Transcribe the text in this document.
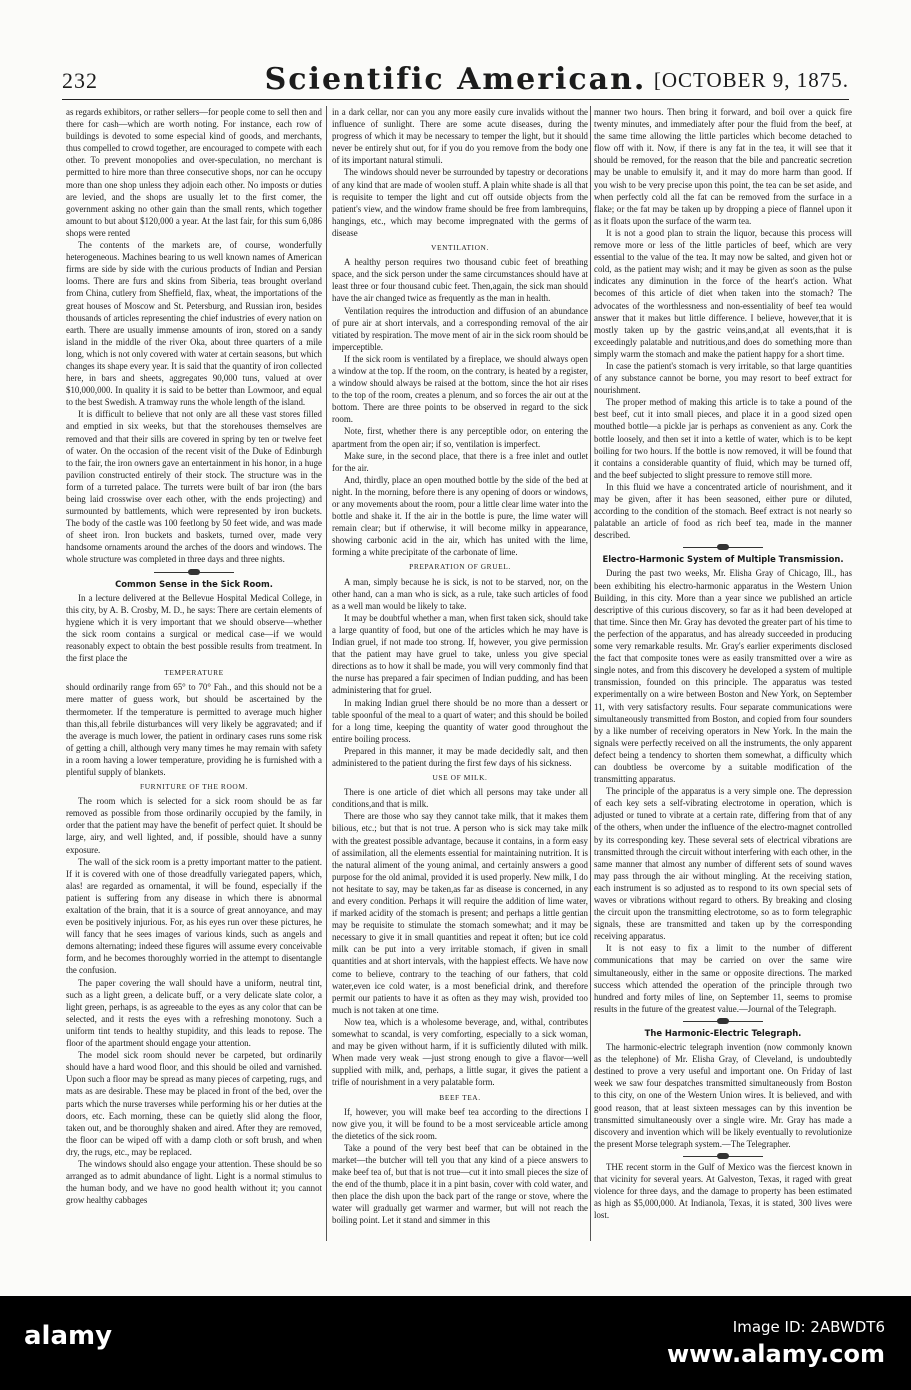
232	Scientific American. [OCTOBER 9, 1875.

as regards exhibitors, or rather sellers—for people come to sell then and there for cash—which are worth noting. For instance, each row of buildings is devoted to some especial kind of goods, and merchants, thus compelled to crowd together, are encouraged to compete with each other. To prevent monopolies and over-speculation, no merchant is permitted to hire more than three consecutive shops, nor can he occupy more than one shop unless they adjoin each other. No imposts or duties are levied, and the shops are usually let to the first comer, the government asking no other gain than the small rents, which together amount to but about $120,000 a year. At the last fair, for this sum 6,086 shops were rented

The contents of the markets are, of course, wonderfully heterogeneous. Machines bearing to us well known names of American firms are side by side with the curious products of Indian and Persian looms. There are furs and skins from Siberia, teas brought overland from China, cutlery from Sheffield, flax, wheat, the importations of the great houses of Moscow and St. Petersburg, and Russian iron, besides thousands of articles representing the chief industries of every nation on earth. There are usually immense amounts of iron, stored on a sandy island in the middle of the river Oka, about three quarters of a mile long, which is not only covered with water at certain seasons, but which changes its shape every year. It is said that the quantity of iron collected here, in bars and sheets, aggregates 90,000 tuns, valued at over $10,000,000. In quality it is said to be better than Lowmoor, and equal to the best Swedish. A tramway runs the whole length of the island.

It is difficult to believe that not only are all these vast stores filled and emptied in six weeks, but that the storehouses themselves are removed and that their sills are covered in spring by ten or twelve feet of water. On the occasion of the recent visit of the Duke of Edinburgh to the fair, the iron owners gave an entertainment in his honor, in a huge pavilion constructed entirely of their stock. The structure was in the form of a turreted palace. The turrets were built of bar iron (the bars being laid crosswise over each other, with the ends projecting) and surmounted by battlements, which were represented by iron buckets. The body of the castle was 100 feetlong by 50 feet wide, and was made of sheet iron. Iron buckets and baskets, turned over, made very handsome ornaments around the arches of the doors and windows. The whole structure was completed in three days and three nights.

Common Sense in the Sick Room.

In a lecture delivered at the Bellevue Hospital Medical College, in this city, by A. B. Crosby, M. D., he says: There are certain elements of hygiene which it is very important that we should observe—whether the sick room contains a surgical or medical case—if we would reasonably expect to obtain the best possible results from treatment. In the first place the

TEMPERATURE

should ordinarily range from 65° to 70° Fah., and this should not be a mere matter of guess work, but should be ascertained by the thermometer. If the temperature is permitted to average much higher than this,all febrile disturbances will very likely be aggravated; and if the average is much lower, the patient in ordinary cases runs some risk of getting a chill, although very many times he may remain with safety in a room having a lower temperature, providing he is furnished with a plentiful supply of blankets.

FURNITURE OF THE ROOM.

The room which is selected for a sick room should be as far removed as possible from those ordinarily occupied by the family, in order that the patient may have the benefit of perfect quiet. It should be large, airy, and well lighted, and, if possible, should have a sunny exposure.

The wall of the sick room is a pretty important matter to the patient. If it is covered with one of those dreadfully variegated papers, which, alas! are regarded as ornamental, it will be found, especially if the patient is suffering from any disease in which there is abnormal exaltation of the brain, that it is a source of great annoyance, and may even be positively injurious. For, as his eyes run over these pictures, he will fancy that he sees images of various kinds, such as angels and demons alternating; indeed these figures will assume every conceivable form, and he becomes thoroughly worried in the attempt to disentangle the confusion.

The paper covering the wall should have a uniform, neutral tint, such as a light green, a delicate buff, or a very delicate slate color, a light green, perhaps, is as agreeable to the eyes as any color that can be selected, and it rests the eyes with a refreshing monotony. Such a uniform tint tends to healthy stupidity, and this leads to repose. The floor of the apartment should engage your attention.

The model sick room should never be carpeted, but ordinarily should have a hard wood floor, and this should be oiled and varnished. Upon such a floor may be spread as many pieces of carpeting, rugs, and mats as are desirable. These may be placed in front of the bed, over the parts which the nurse traverses while performing his or her duties at the doors, etc. Each morning, these can be quietly slid along the floor, taken out, and be thoroughly shaken and aired. After they are removed, the floor can be wiped off with a damp cloth or soft brush, and when dry, the rugs, etc., may be replaced.

The windows should also engage your attention. These should be so arranged as to admit abundance of light. Light is a normal stimulus to the human body, and we have no good health without it; you cannot grow healthy cabbages

in a dark cellar, nor can you any more easily cure invalids without the influence of sunlight. There are some acute diseases, during the progress of which it may be necessary to temper the light, but it should never be entirely shut out, for if you do you remove from the body one of its important natural stimuli.

The windows should never be surrounded by tapestry or decorations of any kind that are made of woolen stuff. A plain white shade is all that is requisite to temper the light and cut off outside objects from the patient's view, and the window frame should be free from lambrequins, hangings, etc., which may become impregnated with the germs of disease

VENTILATION.

A healthy person requires two thousand cubic feet of breathing space, and the sick person under the same circumstances should have at least three or four thousand cubic feet. Then,again, the sick man should have the air changed twice as frequently as the man in health.

Ventilation requires the introduction and diffusion of an abundance of pure air at short intervals, and a corresponding removal of the air vitiated by respiration. The move ment of air in the sick room should be imperceptible.

If the sick room is ventilated by a fireplace, we should always open a window at the top. If the room, on the contrary, is heated by a register, a window should always be raised at the bottom, since the hot air rises to the top of the room, creates a plenum, and so forces the air out at the bottom. There are three points to be observed in regard to the sick room.

Note, first, whether there is any perceptible odor, on entering the apartment from the open air; if so, ventilation is imperfect.

Make sure, in the second place, that there is a free inlet and outlet for the air.

And, thirdly, place an open mouthed bottle by the side of the bed at night. In the morning, before there is any opening of doors or windows, or any movements about the room, pour a little clear lime water into the bottle and shake it. If the air in the bottle is pure, the lime water will remain clear; but if otherwise, it will become milky in appearance, showing carbonic acid in the air, which has united with the lime, forming a white precipitate of the carbonate of lime.

PREPARATION OF GRUEL.

A man, simply because he is sick, is not to be starved, nor, on the other hand, can a man who is sick, as a rule, take such articles of food as a well man would be likely to take.

It may be doubtful whether a man, when first taken sick, should take a large quantity of food, but one of the articles which he may have is Indian gruel, if not made too strong. If, however, you give permission that the patient may have gruel to take, unless you give special directions as to how it shall be made, you will very commonly find that the nurse has prepared a fair specimen of Indian pudding, and has been administering that for gruel.

In making Indian gruel there should be no more than a dessert or table spoonful of the meal to a quart of water; and this should be boiled for a long time, keeping the quantity of water good throughout the entire boiling process.

Prepared in this manner, it may be made decidedly salt, and then administered to the patient during the first few days of his sickness.

USE OF MILK.

There is one article of diet which all persons may take under all conditions,and that is milk.

There are those who say they cannot take milk, that it makes them bilious, etc.; but that is not true. A person who is sick may take milk with the greatest possible advantage, because it contains, in a form easy of assimilation, all the elements essential for maintaining nutrition. It is the natural aliment of the young animal, and certainly answers a good purpose for the old animal, provided it is used properly. New milk, I do not hesitate to say, may be taken,as far as disease is concerned, in any and every condition. Perhaps it will require the addition of lime water, if marked acidity of the stomach is present; and perhaps a little gentian may be requisite to stimulate the stomach somewhat; and it may be necessary to give it in small quantities and repeat it often; but ice cold milk can be put into a very irritable stomach, if given in small quantities and at short intervals, with the happiest effects. We have now come to believe, contrary to the teaching of our fathers, that cold water,even ice cold water, is a most beneficial drink, and therefore permit our patients to have it as often as they may wish, provided too much is not taken at one time.

Now tea, which is a wholesome beverage, and, withal, contributes somewhat to scandal, is very comforting, especially to a sick woman, and may be given without harm, if it is sufficiently diluted with milk. When made very weak —just strong enough to give a flavor—well supplied with milk, and, perhaps, a little sugar, it gives the patient a trifle of nourishment in a very palatable form.

BEEF TEA.

If, however, you will make beef tea according to the directions I now give you, it will be found to be a most serviceable article among the dietetics of the sick room.

Take a pound of the very best beef that can be obtained in the market—the butcher will tell you that any kind of a piece answers to make beef tea of, but that is not true—cut it into small pieces the size of the end of the thumb, place it in a pint basin, cover with cold water, and then place the dish upon the back part of the range or stove, where the water will gradually get warmer and warmer, but will not reach the boiling point. Let it stand and simmer in this

manner two hours. Then bring it forward, and boil over a quick fire twenty minutes, and immediately after pour the fluid from the beef, at the same time allowing the little particles which become detached to flow off with it. Now, if there is any fat in the tea, it will see that it should be removed, for the reason that the bile and pancreatic secretion may be unable to emulsify it, and it may do more harm than good. If you wish to be very precise upon this point, the tea can be set aside, and when perfectly cold all the fat can be removed from the surface in a flake; or the fat may be taken up by dropping a piece of flannel upon it as it floats upon the surface of the warm tea.

It is not a good plan to strain the liquor, because this process will remove more or less of the little particles of beef, which are very essential to the value of the tea. It may now be salted, and given hot or cold, as the patient may wish; and it may be given as soon as the pulse indicates any diminution in the force of the heart's action. What becomes of this article of diet when taken into the stomach? The advocates of the worthlessness and non-essentiality of beef tea would answer that it makes but little difference. I believe, however,that it is mostly taken up by the gastric veins,and,at all events,that it is exceedingly palatable and nutritious,and does do something more than simply warm the stomach and make the patient happy for a short time.

In case the patient's stomach is very irritable, so that large quantities of any substance cannot be borne, you may resort to beef extract for nourishment.

The proper method of making this article is to take a pound of the best beef, cut it into small pieces, and place it in a good sized open mouthed bottle—a pickle jar is perhaps as convenient as any. Cork the bottle loosely, and then set it into a kettle of water, which is to be kept boiling for two hours. If the bottle is now removed, it will be found that it contains a considerable quantity of fluid, which may be turned off, and the beef subjected to slight pressure to remove still more.

In this fluid we have a concentrated article of nourishment, and it may be given, after it has been seasoned, either pure or diluted, according to the condition of the stomach. Beef extract is not nearly so palatable an article of food as rich beef tea, made in the manner described.

Electro-Harmonic System of Multiple Transmission.

During the past two weeks, Mr. Elisha Gray of Chicago, Ill., has been exhibiting his electro-harmonic apparatus in the Western Union Building, in this city. More than a year since we published an article descriptive of this curious discovery, so far as it had been developed at that time. Since then Mr. Gray has devoted the greater part of his time to the perfection of the apparatus, and has already succeeded in producing some very remarkable results. Mr. Gray's earlier experiments disclosed the fact that composite tones were as easily transmitted over a wire as single notes, and from this discovery he developed a system of multiple transmission, founded on this principle. The apparatus was tested experimentally on a wire between Boston and New York, on September 11, with very satisfactory results. Four separate communications were simultaneously transmitted from Boston, and copied from four sounders by a like number of receiving operators in New York. In the main the signals were perfectly received on all the instruments, the only apparent defect being a tendency to shorten them somewhat, a difficulty which can doubtless be overcome by a suitable modification of the transmitting apparatus.

The principle of the apparatus is a very simple one. The depression of each key sets a self-vibrating electrotome in operation, which is adjusted or tuned to vibrate at a certain rate, differing from that of any of the others, when under the influence of the electro-magnet controlled by its corresponding key. These several sets of electrical vibrations are transmitted through the circuit without interfering with each other, in the same manner that almost any number of different sets of sound waves may pass through the air without mingling. At the receiving station, each instrument is so adjusted as to respond to its own special sets of waves or vibrations without regard to others. By breaking and closing the circuit upon the transmitting electrotome, so as to form telegraphic signals, these are transmitted and taken up by the corresponding receiving apparatus.

It is not easy to fix a limit to the number of different communications that may be carried on over the same wire simultaneously, either in the same or opposite directions. The marked success which attended the operation of the principle through two hundred and forty miles of line, on September 11, seems to promise results in the future of the greatest value.—Journal of the Telegraph.

The Harmonic-Electric Telegraph.

The harmonic-electric telegraph invention (now commonly known as the telephone) of Mr. Elisha Gray, of Cleveland, is undoubtedly destined to prove a very useful and important one. On Friday of last week we saw four despatches transmitted simultaneously from Boston to this city, on one of the Western Union wires. It is believed, and with good reason, that at least sixteen messages can by this invention be transmitted simultaneously over a single wire. Mr. Gray has made a discovery and invention which will be likely eventually to revolutionize the present Morse telegraph system.—The Telegrapher.

THE recent storm in the Gulf of Mexico was the fiercest known in that vicinity for several years. At Galveston, Texas, it raged with great violence for three days, and the damage to property has been estimated as high as $5,000,000. At Indianola, Texas, it is stated, 300 lives were lost.

alamy	Image ID: 2ABWDT6
www.alamy.com
